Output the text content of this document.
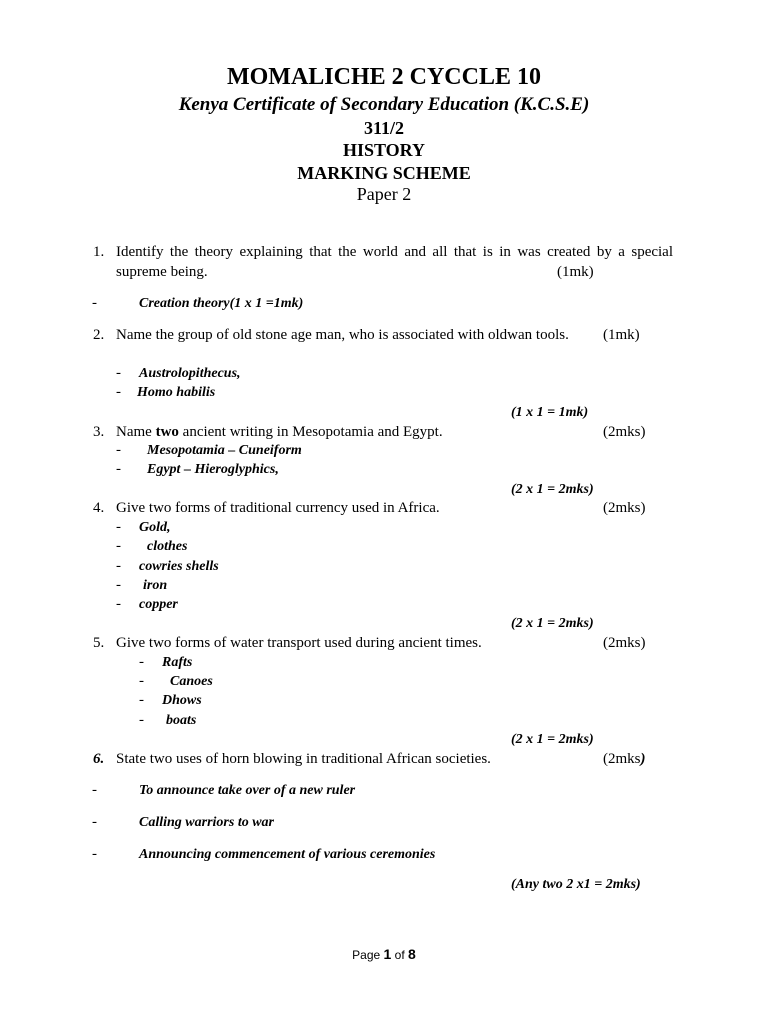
MOMALICHE 2 CYCCLE 10
Kenya Certificate of Secondary Education (K.C.S.E)
311/2
HISTORY
MARKING SCHEME
Paper 2
1. Identify the theory explaining that the world and all that is in was created by a special
supreme being.	(1mk)
-	Creation theory(1 x 1 =1mk)
2. Name the group of old stone age man, who is associated with oldwan tools. (1mk)
- Austrolopithecus,
- Homo habilis
(1 x 1 = 1mk)
3. Name two ancient writing in Mesopotamia and Egypt.	(2mks)
- Mesopotamia – Cuneiform
- Egypt – Hieroglyphics,
(2 x 1 = 2mks)
4. Give two forms of traditional currency used in Africa.	(2mks)
- Gold,
- clothes
- cowries shells
- iron
- copper
(2 x 1 = 2mks)
5. Give two forms of water transport used during ancient times.	(2mks)
- Rafts
- Canoes
- Dhows
- boats
(2 x 1 = 2mks)
6. State two uses of horn blowing in traditional African societies.	(2mks)
-	To announce take over of a new ruler
-	Calling warriors to war
-	Announcing commencement of various ceremonies
(Any two 2 x1 = 2mks)
Page 1 of 8
